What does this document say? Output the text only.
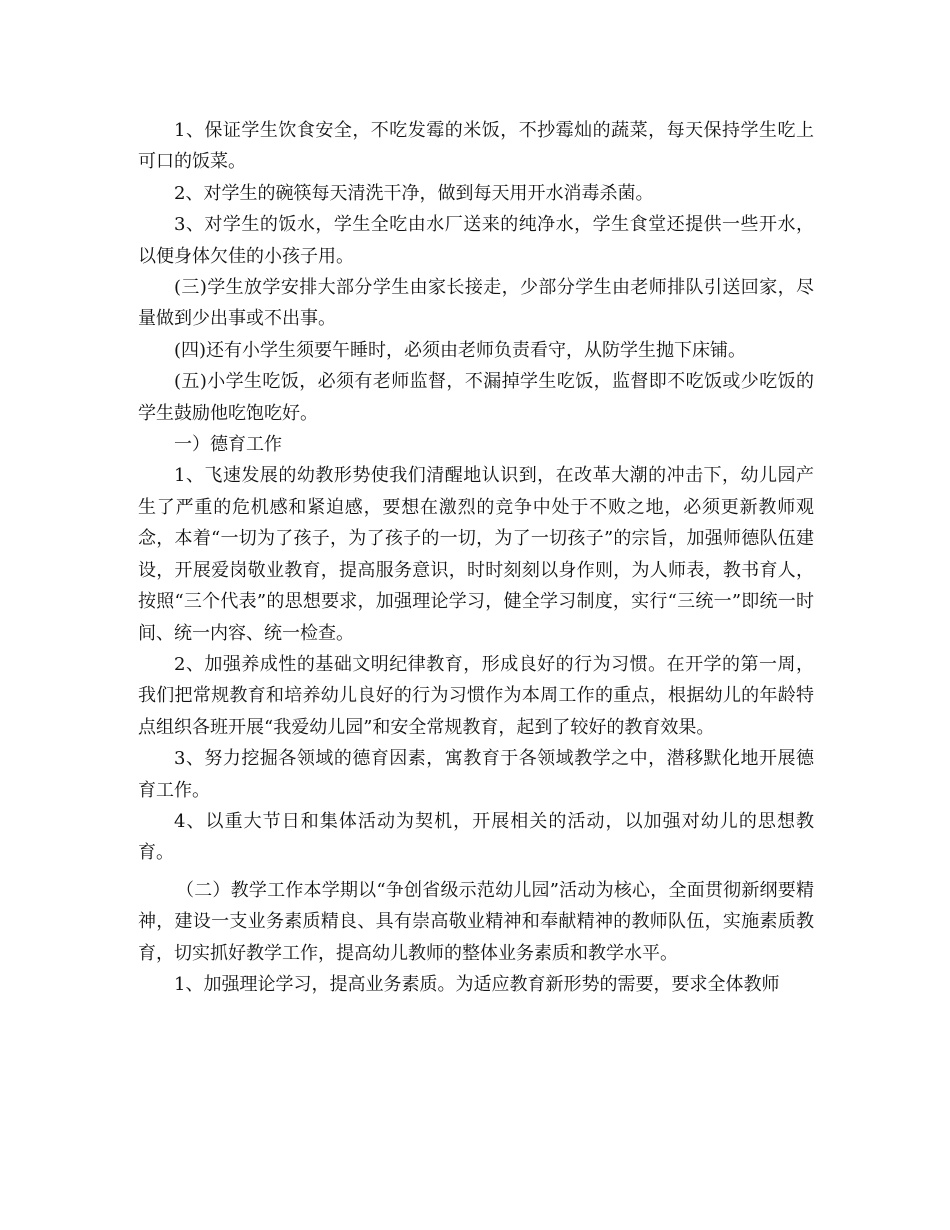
1、保证学生饮食安全，不吃发霉的米饭，不抄霉灿的蔬菜，每天保持学生吃上可口的饭菜。

2、对学生的碗筷每天清洗干净，做到每天用开水消毒杀菌。

3、对学生的饭水，学生全吃由水厂送来的纯净水，学生食堂还提供一些开水，以便身体欠佳的小孩子用。

(三)学生放学安排大部分学生由家长接走，少部分学生由老师排队引送回家，尽量做到少出事或不出事。

(四)还有小学生须要午睡时，必须由老师负责看守，从防学生抛下床铺。

(五)小学生吃饭，必须有老师监督，不漏掉学生吃饭，监督即不吃饭或少吃饭的学生鼓励他吃饱吃好。

一）德育工作

1、飞速发展的幼教形势使我们清醒地认识到，在改革大潮的冲击下，幼儿园产生了严重的危机感和紧迫感，要想在激烈的竞争中处于不败之地，必须更新教师观念，本着“一切为了孩子，为了孩子的一切，为了一切孩子”的宗旨，加强师德队伍建设，开展爱岗敬业教育，提高服务意识，时时刻刻以身作则，为人师表，教书育人，按照“三个代表”的思想要求，加强理论学习，健全学习制度，实行“三统一”即统一时间、统一内容、统一检查。

2、加强养成性的基础文明纪律教育，形成良好的行为习惯。在开学的第一周，我们把常规教育和培养幼儿良好的行为习惯作为本周工作的重点，根据幼儿的年龄特点组织各班开展“我爱幼儿园”和安全常规教育，起到了较好的教育效果。

3、努力挖掘各领域的德育因素，寓教育于各领域教学之中，潜移默化地开展德育工作。

4、以重大节日和集体活动为契机，开展相关的活动，以加强对幼儿的思想教育。

（二）教学工作本学期以“争创省级示范幼儿园”活动为核心，全面贯彻新纲要精神，建设一支业务素质精良、具有崇高敬业精神和奉献精神的教师队伍，实施素质教育，切实抓好教学工作，提高幼儿教师的整体业务素质和教学水平。

1、加强理论学习，提高业务素质。为适应教育新形势的需要，要求全体教师
